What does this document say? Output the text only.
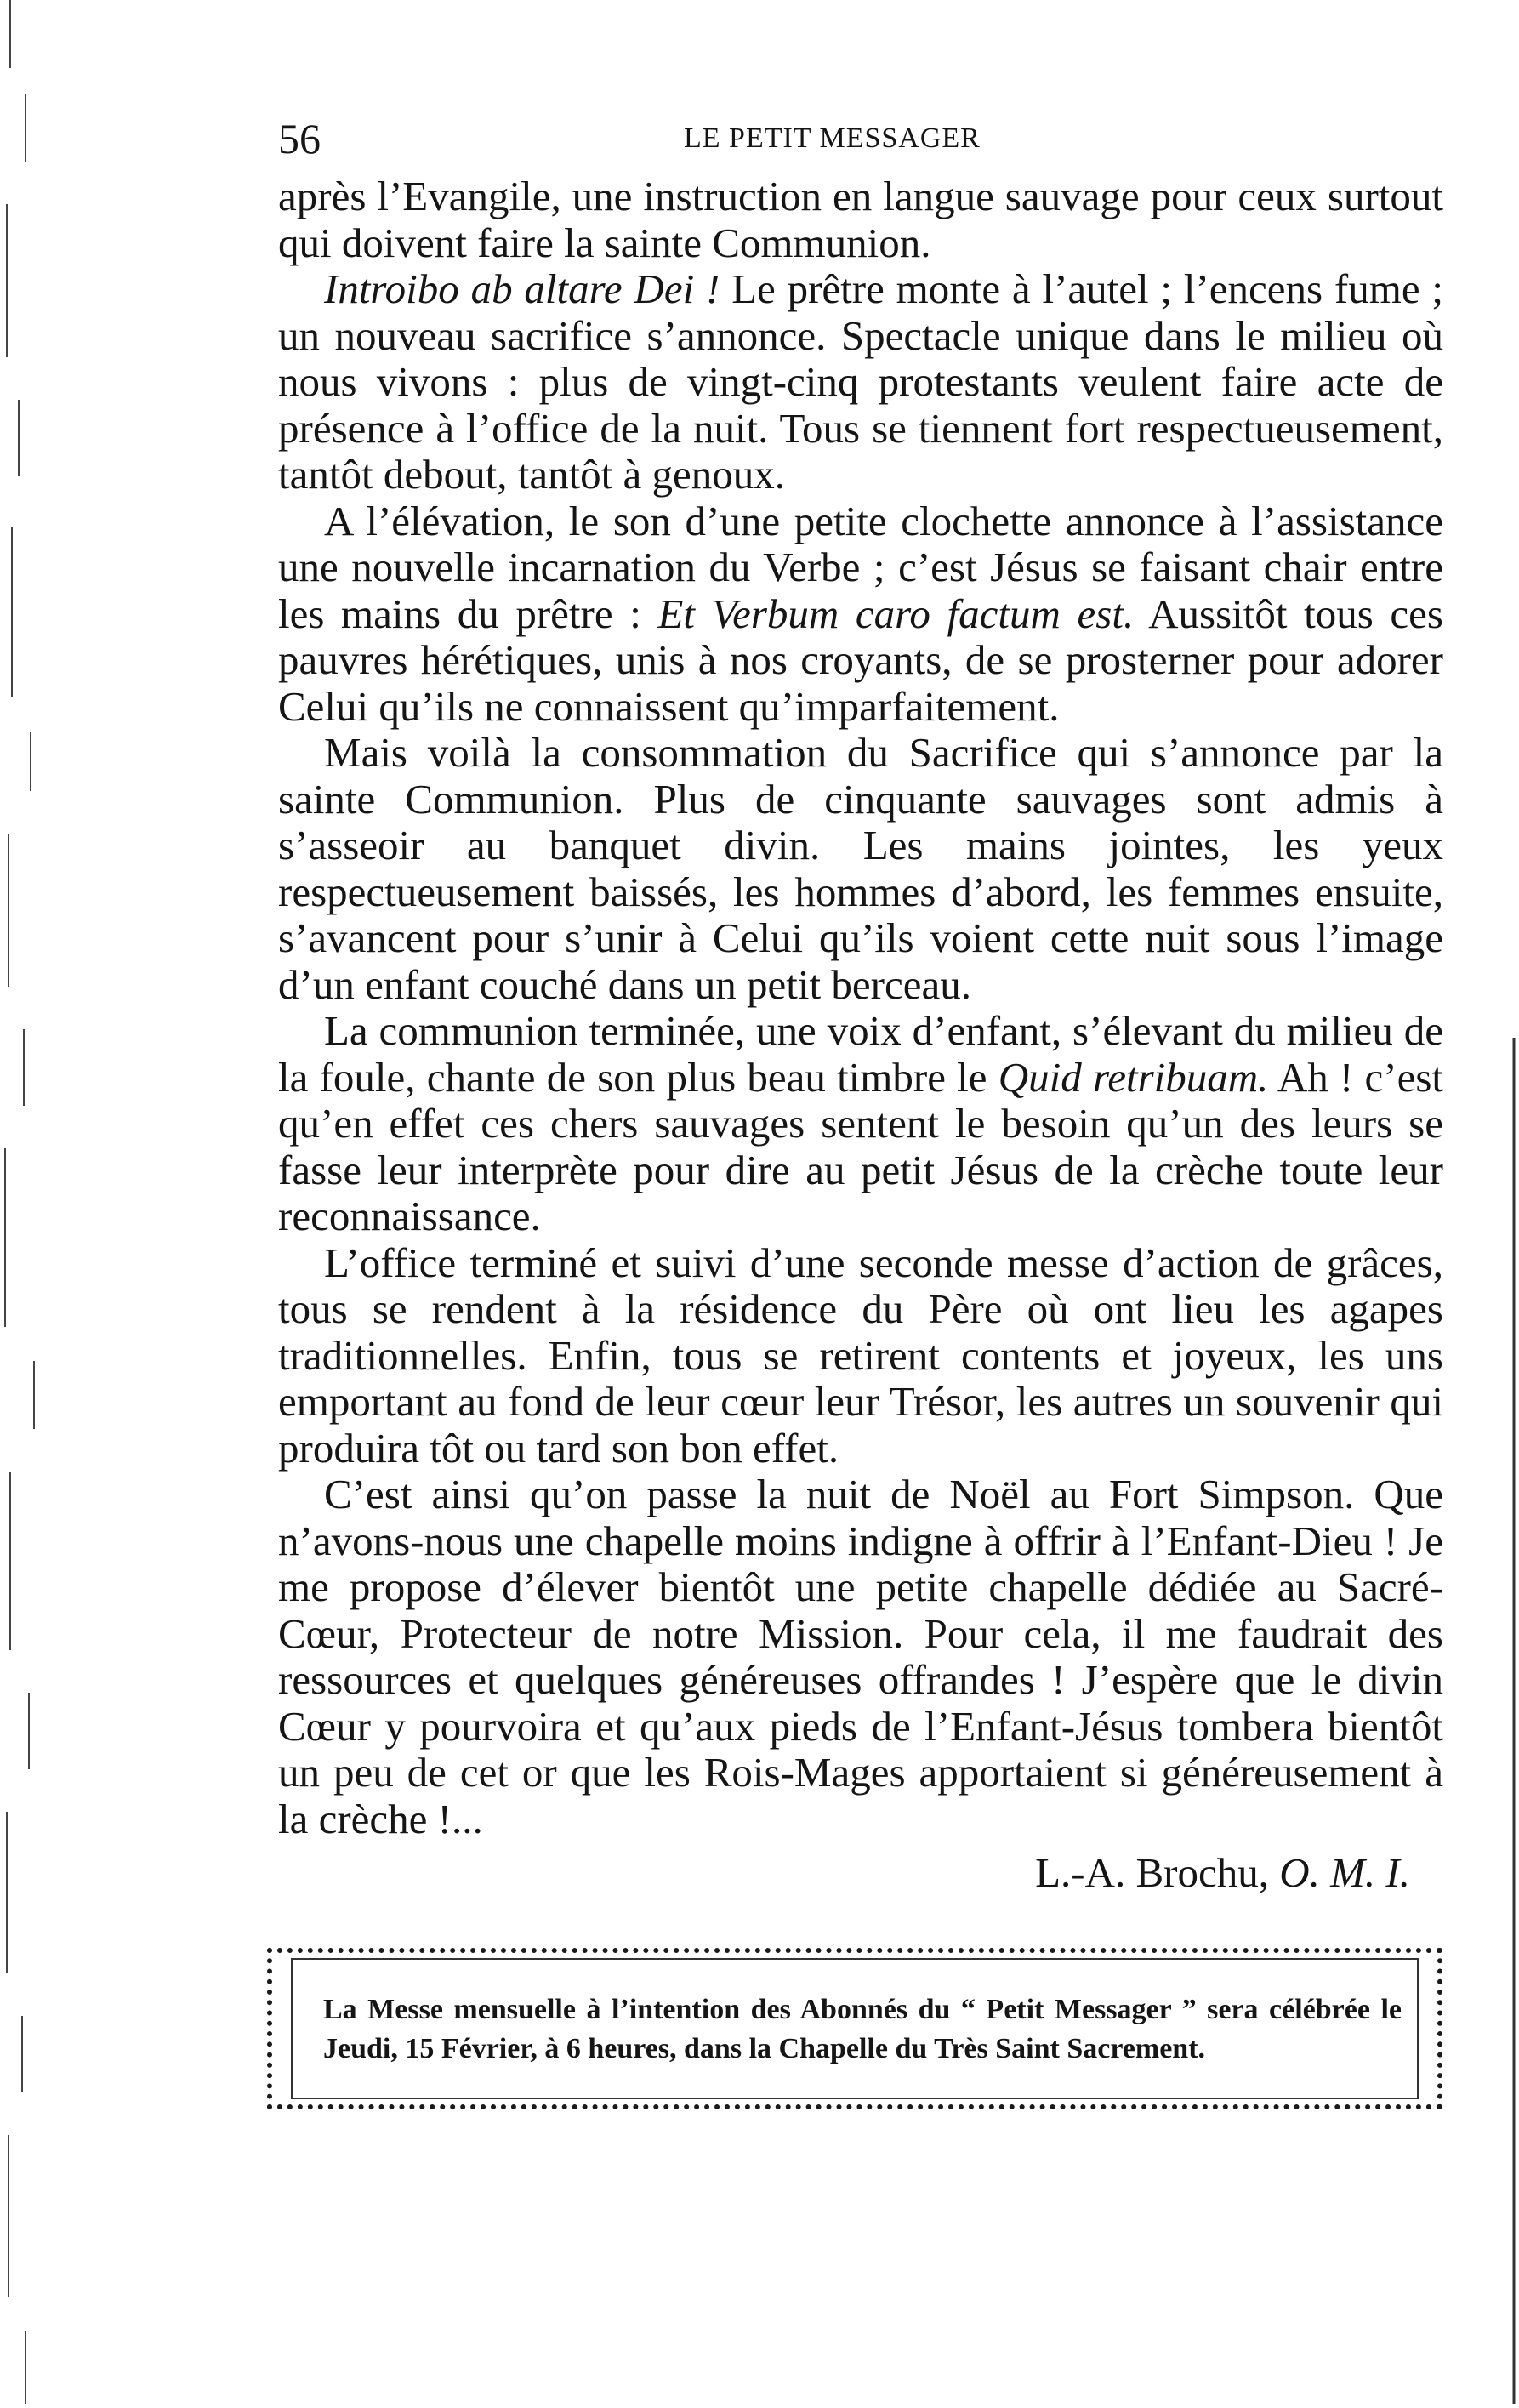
56	LE PETIT MESSAGER

après l’Evangile, une instruction en langue sauvage pour ceux surtout qui doivent faire la sainte Communion.

Introibo ab altare Dei ! Le prêtre monte à l’autel ; l’encens fume ; un nouveau sacrifice s’annonce. Spectacle unique dans le milieu où nous vivons : plus de vingt-cinq protestants veulent faire acte de présence à l’office de la nuit. Tous se tiennent fort respectueusement, tantôt debout, tantôt à genoux.

A l’élévation, le son d’une petite clochette annonce à l’assistance une nouvelle incarnation du Verbe ; c’est Jésus se faisant chair entre les mains du prêtre : Et Verbum caro factum est. Aussitôt tous ces pauvres hérétiques, unis à nos croyants, de se prosterner pour adorer Celui qu’ils ne connaissent qu’imparfaitement.

Mais voilà la consommation du Sacrifice qui s’annonce par la sainte Communion. Plus de cinquante sauvages sont admis à s’asseoir au banquet divin. Les mains jointes, les yeux respectueusement baissés, les hommes d’abord, les femmes ensuite, s’avancent pour s’unir à Celui qu’ils voient cette nuit sous l’image d’un enfant couché dans un petit berceau.

La communion terminée, une voix d’enfant, s’élevant du milieu de la foule, chante de son plus beau timbre le Quid retribuam. Ah ! c’est qu’en effet ces chers sauvages sentent le besoin qu’un des leurs se fasse leur interprète pour dire au petit Jésus de la crèche toute leur reconnaissance.

L’office terminé et suivi d’une seconde messe d’action de grâces, tous se rendent à la résidence du Père où ont lieu les agapes traditionnelles. Enfin, tous se retirent contents et joyeux, les uns emportant au fond de leur cœur leur Trésor, les autres un souvenir qui produira tôt ou tard son bon effet.

C’est ainsi qu’on passe la nuit de Noël au Fort Simpson. Que n’avons-nous une chapelle moins indigne à offrir à l’Enfant-Dieu ! Je me propose d’élever bientôt une petite chapelle dédiée au Sacré-Cœur, Protecteur de notre Mission. Pour cela, il me faudrait des ressources et quelques généreuses offrandes ! J’espère que le divin Cœur y pourvoira et qu’aux pieds de l’Enfant-Jésus tombera bientôt un peu de cet or que les Rois-Mages apportaient si généreusement à la crèche !...

L.-A. Brochu, O. M. I.
La Messe mensuelle à l’intention des Abonnés du “ Petit Messager ” sera célébrée le Jeudi, 15 Février, à 6 heures, dans la Chapelle du Très Saint Sacrement.
